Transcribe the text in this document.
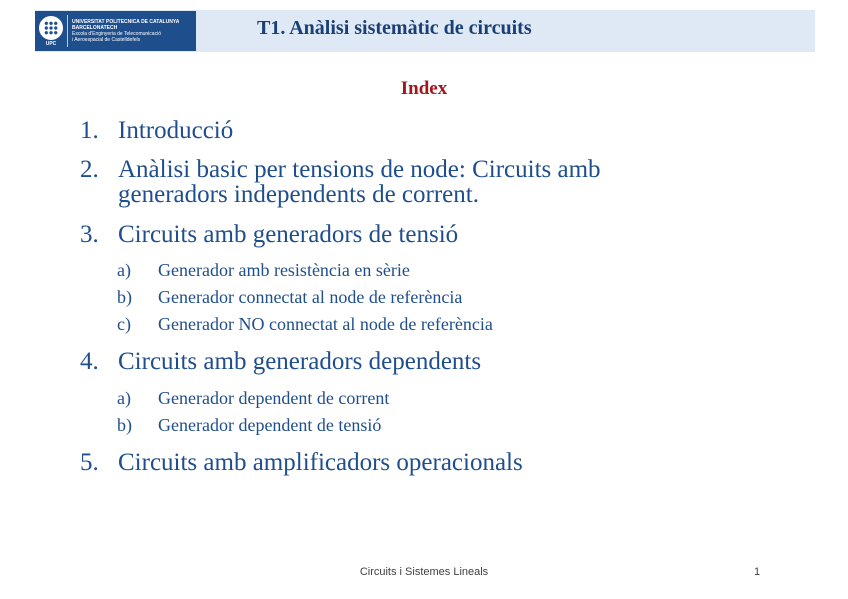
UPC
UNIVERSITAT POLITÈCNICA DE CATALUNYA
BARCELONATECH
Escola d'Enginyeria de Telecomunicació
i Aeroespacial de Castelldefels
T1. Anàlisi sistemàtic de circuits
Index
1. Introducció
2. Anàlisi basic per tensions de node: Circuits amb
generadors independents de corrent.
3. Circuits amb generadors de tensió
a) Generador amb resistència en sèrie
b) Generador connectat al node de referència
c) Generador NO connectat al node de referència
4. Circuits amb generadors dependents
a) Generador dependent de corrent
b) Generador dependent de tensió
5. Circuits amb amplificadors operacionals
Circuits i Sistemes Lineals	1
